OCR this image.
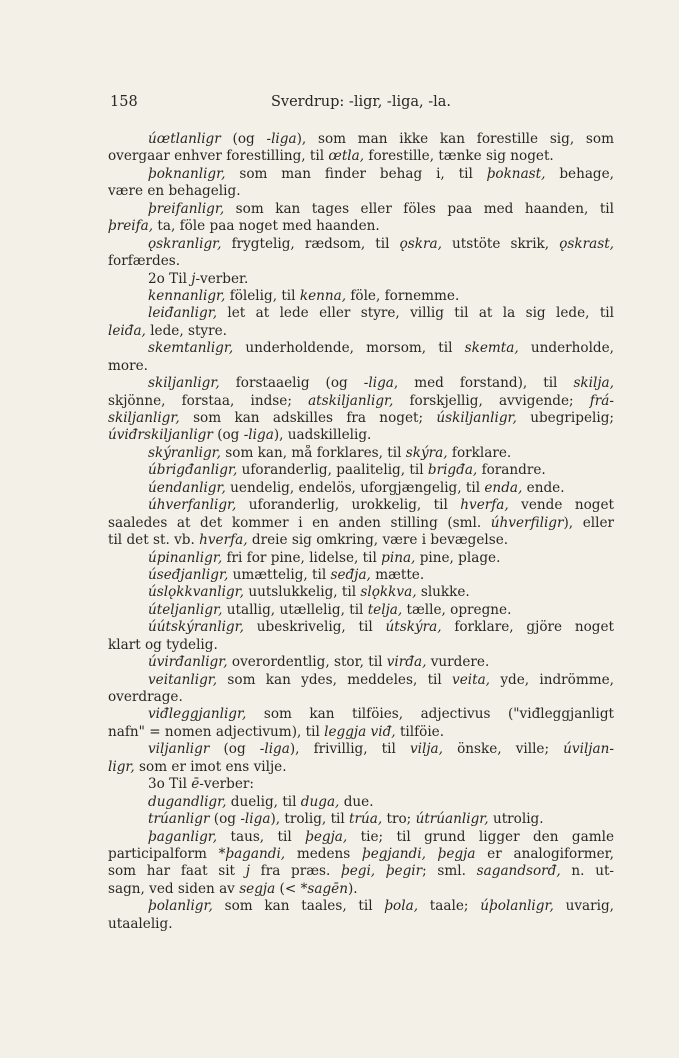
158	Sverdrup: -ligr, -liga, -la.
úœtlanligr (og -liga), som man ikke kan forestille sig, som
overgaar enhver forestilling, til œtla, forestille, tænke sig noget.
þoknanligr, som man finder behag i, til þoknast, behage,
være en behagelig.
þreifanligr, som kan tages eller föles paa med haanden, til
þreifa, ta, föle paa noget med haanden.
ǫskranligr, frygtelig, rædsom, til ǫskra, utstöte skrik, ǫskrast,
forfærdes.
2o Til j-verber.
kennanligr, fölelig, til kenna, föle, fornemme.
leiđanligr, let at lede eller styre, villig til at la sig lede, til
leiđa, lede, styre.
skemtanligr, underholdende, morsom, til skemta, underholde,
more.
skiljanligr, forstaaelig (og -liga, med forstand), til skilja,
skjönne, forstaa, indse; atskiljanligr, forskjellig, avvigende; frá-
skiljanligr, som kan adskilles fra noget; úskiljanligr, ubegripelig;
úviđrskiljanligr (og -liga), uadskillelig.
skýranligr, som kan, må forklares, til skýra, forklare.
úbrigđanligr, uforanderlig, paalitelig, til brigđa, forandre.
úendanligr, uendelig, endelös, uforgjængelig, til enda, ende.
úhverfanligr, uforanderlig, urokkelig, til hverfa, vende noget
saaledes at det kommer i en anden stilling (sml. úhverfiligr), eller
til det st. vb. hverfa, dreie sig omkring, være i bevægelse.
úpinanligr, fri for pine, lidelse, til pina, pine, plage.
úseđjanligr, umættelig, til seđja, mætte.
úslǫkkvanligr, uutslukkelig, til slǫkkva, slukke.
úteljanligr, utallig, utællelig, til telja, tælle, opregne.
úútskýranligr, ubeskrivelig, til útskýra, forklare, gjöre noget
klart og tydelig.
úvirđanligr, overordentlig, stor, til virđa, vurdere.
veitanligr, som kan ydes, meddeles, til veita, yde, indrömme,
overdrage.
viđleggjanligr, som kan tilföies, adjectivus ("viđleggjanligt
nafn" = nomen adjectivum), til leggja viđ, tilföie.
viljanligr (og -liga), frivillig, til vilja, önske, ville; úviljan-
ligr, som er imot ens vilje.
3o Til ē-verber:
dugandligr, duelig, til duga, due.
trúanligr (og -liga), trolig, til trúa, tro; útrúanligr, utrolig.
þaganligr, taus, til þegja, tie; til grund ligger den gamle
participalform *þagandi, medens þegjandi, þegja er analogiformer,
som har faat sit j fra præs. þegi, þegir; sml. sagandsorđ, n. ut-
sagn, ved siden av segja (< *sagēn).
þolanligr, som kan taales, til þola, taale; úþolanligr, uvarig,
utaalelig.
